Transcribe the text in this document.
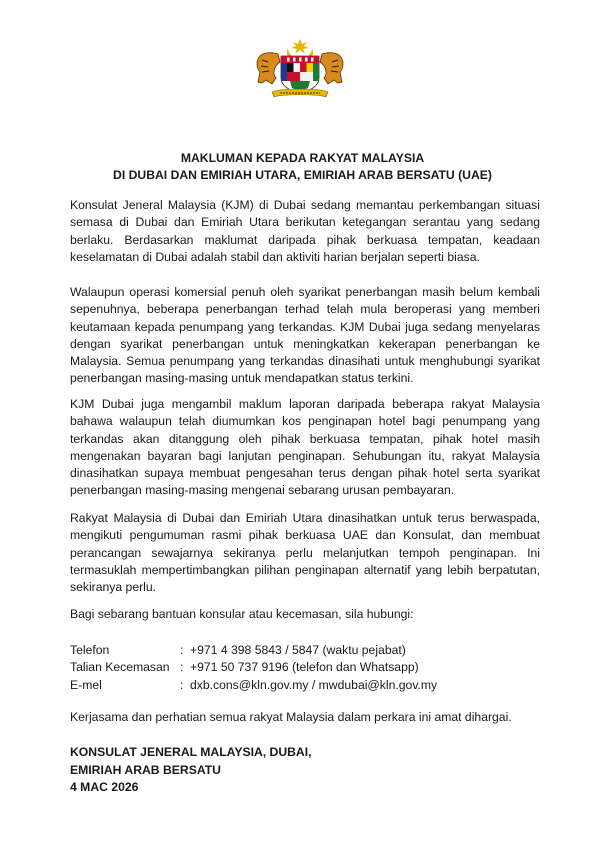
MAKLUMAN KEPADA RAKYAT MALAYSIA
DI DUBAI DAN EMIRIAH UTARA, EMIRIAH ARAB BERSATU (UAE)

Konsulat Jeneral Malaysia (KJM) di Dubai sedang memantau perkembangan situasi semasa di Dubai dan Emiriah Utara berikutan ketegangan serantau yang sedang berlaku. Berdasarkan maklumat daripada pihak berkuasa tempatan, keadaan keselamatan di Dubai adalah stabil dan aktiviti harian berjalan seperti biasa.

Walaupun operasi komersial penuh oleh syarikat penerbangan masih belum kembali sepenuhnya, beberapa penerbangan terhad telah mula beroperasi yang memberi keutamaan kepada penumpang yang terkandas. KJM Dubai juga sedang menyelaras dengan syarikat penerbangan untuk meningkatkan kekerapan penerbangan ke Malaysia. Semua penumpang yang terkandas dinasihati untuk menghubungi syarikat penerbangan masing-masing untuk mendapatkan status terkini.

KJM Dubai juga mengambil maklum laporan daripada beberapa rakyat Malaysia bahawa walaupun telah diumumkan kos penginapan hotel bagi penumpang yang terkandas akan ditanggung oleh pihak berkuasa tempatan, pihak hotel masih mengenakan bayaran bagi lanjutan penginapan. Sehubungan itu, rakyat Malaysia dinasihatkan supaya membuat pengesahan terus dengan pihak hotel serta syarikat penerbangan masing-masing mengenai sebarang urusan pembayaran.

Rakyat Malaysia di Dubai dan Emiriah Utara dinasihatkan untuk terus berwaspada, mengikuti pengumuman rasmi pihak berkuasa UAE dan Konsulat, dan membuat perancangan sewajarnya sekiranya perlu melanjutkan tempoh penginapan. Ini termasuklah mempertimbangkan pilihan penginapan alternatif yang lebih berpatutan, sekiranya perlu.

Bagi sebarang bantuan konsular atau kecemasan, sila hubungi:

Telefon	: +971 4 398 5843 / 5847 (waktu pejabat)
Talian Kecemasan : +971 50 737 9196 (telefon dan Whatsapp)
E-mel	: dxb.cons@kln.gov.my / mwdubai@kln.gov.my

Kerjasama dan perhatian semua rakyat Malaysia dalam perkara ini amat dihargai.

KONSULAT JENERAL MALAYSIA, DUBAI,
EMIRIAH ARAB BERSATU
4 MAC 2026
